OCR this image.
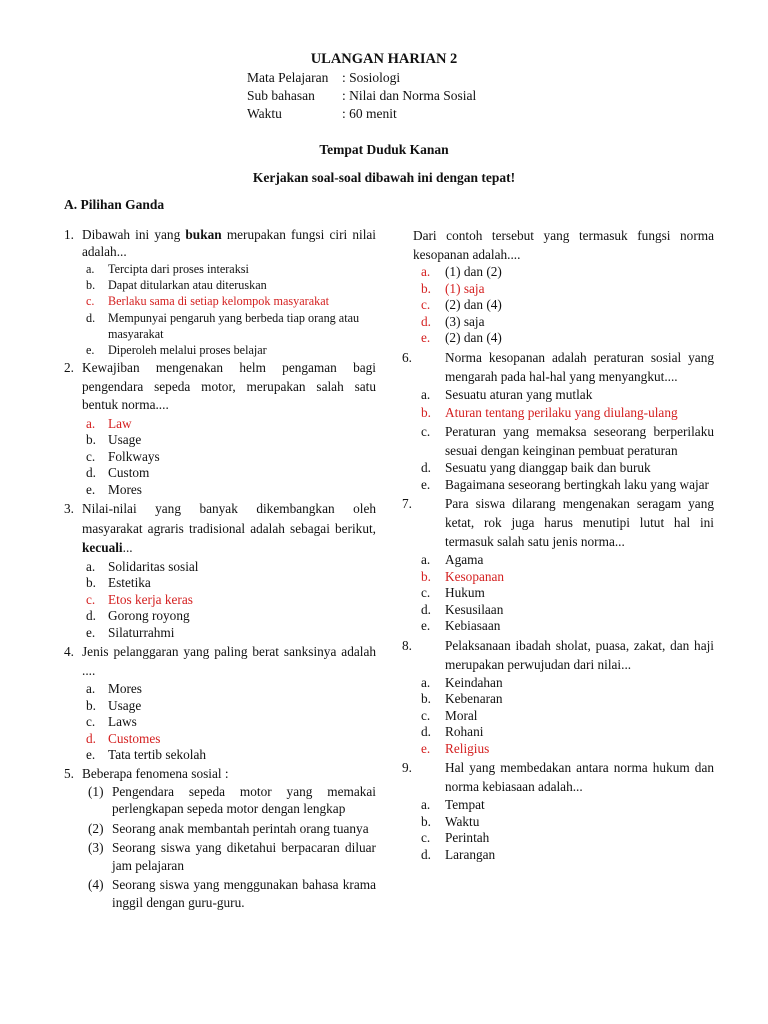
ULANGAN HARIAN 2
Mata Pelajaran : Sosiologi
Sub bahasan : Nilai dan Norma Sosial
Waktu	: 60 menit
Tempat Duduk Kanan
Kerjakan soal-soal dibawah ini dengan tepat!
A. Pilihan Ganda
1. Dibawah ini yang bukan merupakan fungsi ciri nilai adalah...
a. Tercipta dari proses interaksi
b. Dapat ditularkan atau diteruskan
c. Berlaku sama di setiap kelompok masyarakat
d. Mempunyai pengaruh yang berbeda tiap orang atau masyarakat
e. Diperoleh melalui proses belajar
2. Kewajiban mengenakan helm pengaman bagi pengendara sepeda motor, merupakan salah satu bentuk norma....
a. Law
b. Usage
c. Folkways
d. Custom
e. Mores
3. Nilai-nilai yang banyak dikembangkan oleh masyarakat agraris tradisional adalah sebagai berikut, kecuali...
a. Solidaritas sosial
b. Estetika
c. Etos kerja keras
d. Gorong royong
e. Silaturrahmi
4. Jenis pelanggaran yang paling berat sanksinya adalah ....
a. Mores
b. Usage
c. Laws
d. Customes
e. Tata tertib sekolah
5. Beberapa fenomena sosial :
(1) Pengendara sepeda motor yang memakai perlengkapan sepeda motor dengan lengkap
(2) Seorang anak membantah perintah orang tuanya
(3) Seorang siswa yang diketahui berpacaran diluar jam pelajaran
(4) Seorang siswa yang menggunakan bahasa krama inggil dengan guru-guru.
Dari contoh tersebut yang termasuk fungsi norma kesopanan adalah....
a. (1) dan (2)
b. (1) saja
c. (2) dan (4)
d. (3) saja
e. (2) dan (4)
6. Norma kesopanan adalah peraturan sosial yang mengarah pada hal-hal yang menyangkut....
a. Sesuatu aturan yang mutlak
b. Aturan tentang perilaku yang diulang-ulang
c. Peraturan yang memaksa seseorang berperilaku sesuai dengan keinginan pembuat peraturan
d. Sesuatu yang dianggap baik dan buruk
e. Bagaimana seseorang bertingkah laku yang wajar
7. Para siswa dilarang mengenakan seragam yang ketat, rok juga harus menutipi lutut hal ini termasuk salah satu jenis norma...
a. Agama
b. Kesopanan
c. Hukum
d. Kesusilaan
e. Kebiasaan
8. Pelaksanaan ibadah sholat, puasa, zakat, dan haji merupakan perwujudan dari nilai...
a. Keindahan
b. Kebenaran
c. Moral
d. Rohani
e. Religius
9. Hal yang membedakan antara norma hukum dan norma kebiasaan adalah...
a. Tempat
b. Waktu
c. Perintah
d. Larangan
